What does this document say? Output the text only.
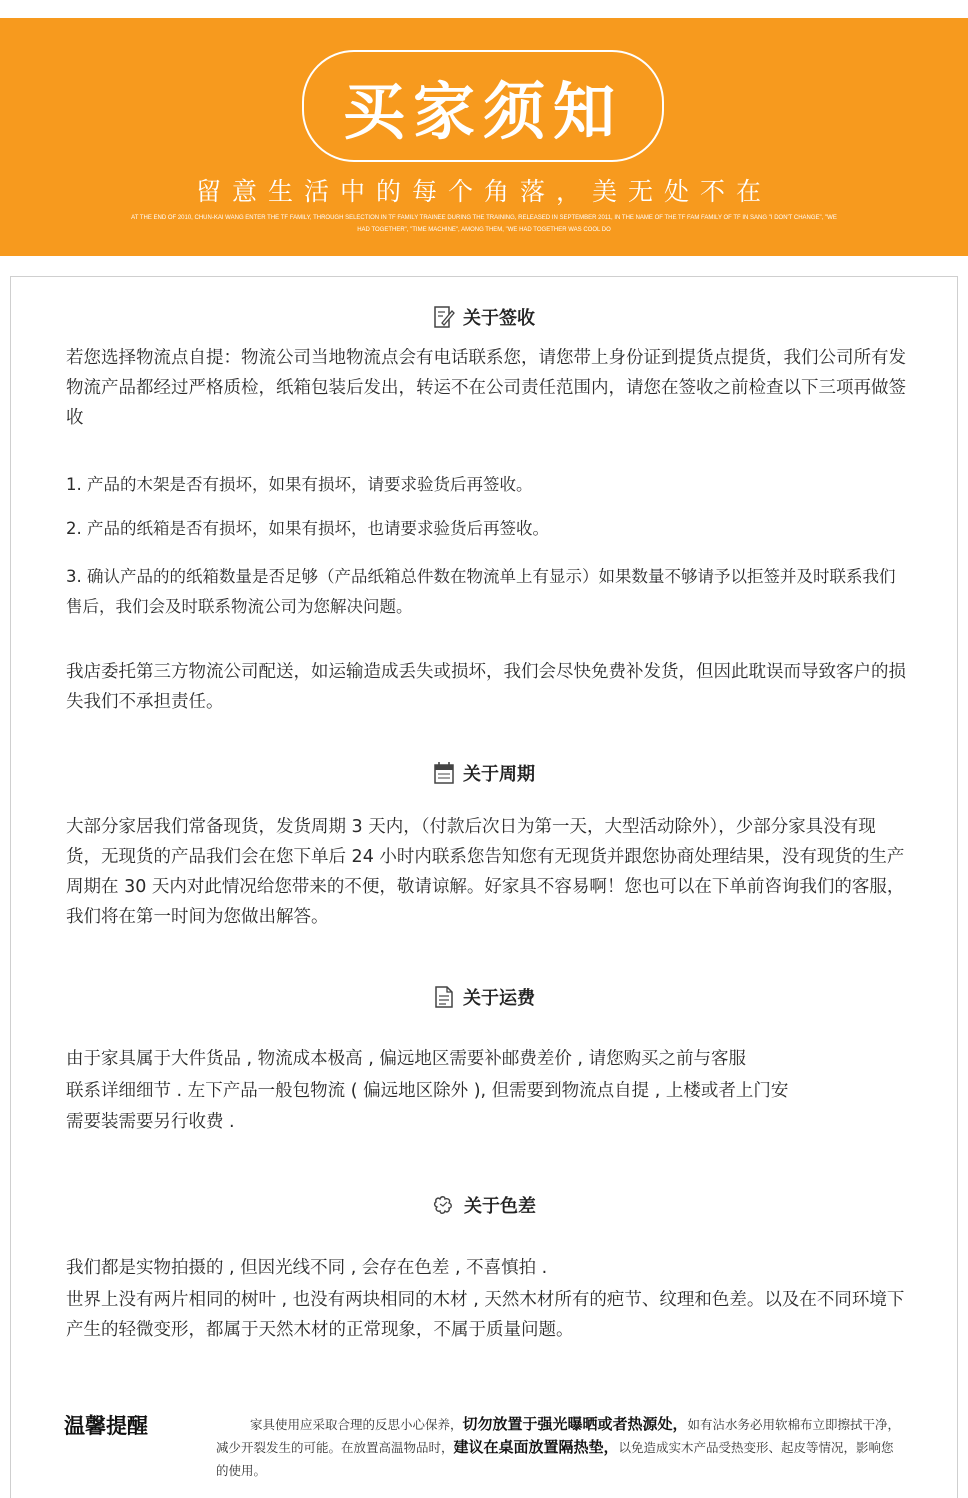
买家须知
留意生活中的每个角落，美无处不在
AT THE END OF 2010, CHUN-KAI WANG ENTER THE TF FAMILY, THROUGH SELECTION IN TF FAMILY TRAINEE DURING THE TRAINING, RELEASED IN SEPTEMBER 2011, IN THE NAME OF THE TF FAM FAMILY OF TF IN SANG "I DON'T CHANGE", "WE HAD TOGETHER", "TIME MACHINE", AMONG THEM, "WE HAD TOGETHER WAS COOL DO
关于签收

若您选择物流点自提：物流公司当地物流点会有电话联系您，请您带上身份证到提货点提货，我们公司所有发物流产品都经过严格质检，纸箱包装后发出，转运不在公司责任范围内，请您在签收之前检查以下三项再做签收

1. 产品的木架是否有损坏，如果有损坏，请要求验货后再签收。

2. 产品的纸箱是否有损坏，如果有损坏，也请要求验货后再签收。

3. 确认产品的的纸箱数量是否足够（产品纸箱总件数在物流单上有显示）如果数量不够请予以拒签并及时联系我们售后，我们会及时联系物流公司为您解决问题。

我店委托第三方物流公司配送，如运输造成丢失或损坏，我们会尽快免费补发货，但因此耽误而导致客户的损失我们不承担责任。

关于周期

大部分家居我们常备现货，发货周期 3 天内，（付款后次日为第一天，大型活动除外），少部分家具没有现货，无现货的产品我们会在您下单后 24 小时内联系您告知您有无现货并跟您协商处理结果，没有现货的生产周期在 30 天内对此情况给您带来的不便，敬请谅解。好家具不容易啊！您也可以在下单前咨询我们的客服，我们将在第一时间为您做出解答。

关于运费

由于家具属于大件货品 , 物流成本极高 , 偏远地区需要补邮费差价 , 请您购买之前与客服

联系详细细节 . 左下产品一般包物流 ( 偏远地区除外 ), 但需要到物流点自提 , 上楼或者上门安

需要装需要另行收费 .

关于色差

我们都是实物拍摄的 , 但因光线不同 , 会存在色差 , 不喜慎拍 .

世界上没有两片相同的树叶 , 也没有两块相同的木材 , 天然木材所有的疤节、纹理和色差。以及在不同环境下产生的轻微变形，都属于天然木材的正常现象，不属于质量问题。

温馨提醒	家具使用应采取合理的反思小心保养，切勿放置于强光曝晒或者热源处，如有沾水务必用软棉布立即擦拭干净，减少开裂发生的可能。在放置高温物品时，建议在桌面放置隔热垫，以免造成实木产品受热变形、起皮等情况，影响您的使用。
